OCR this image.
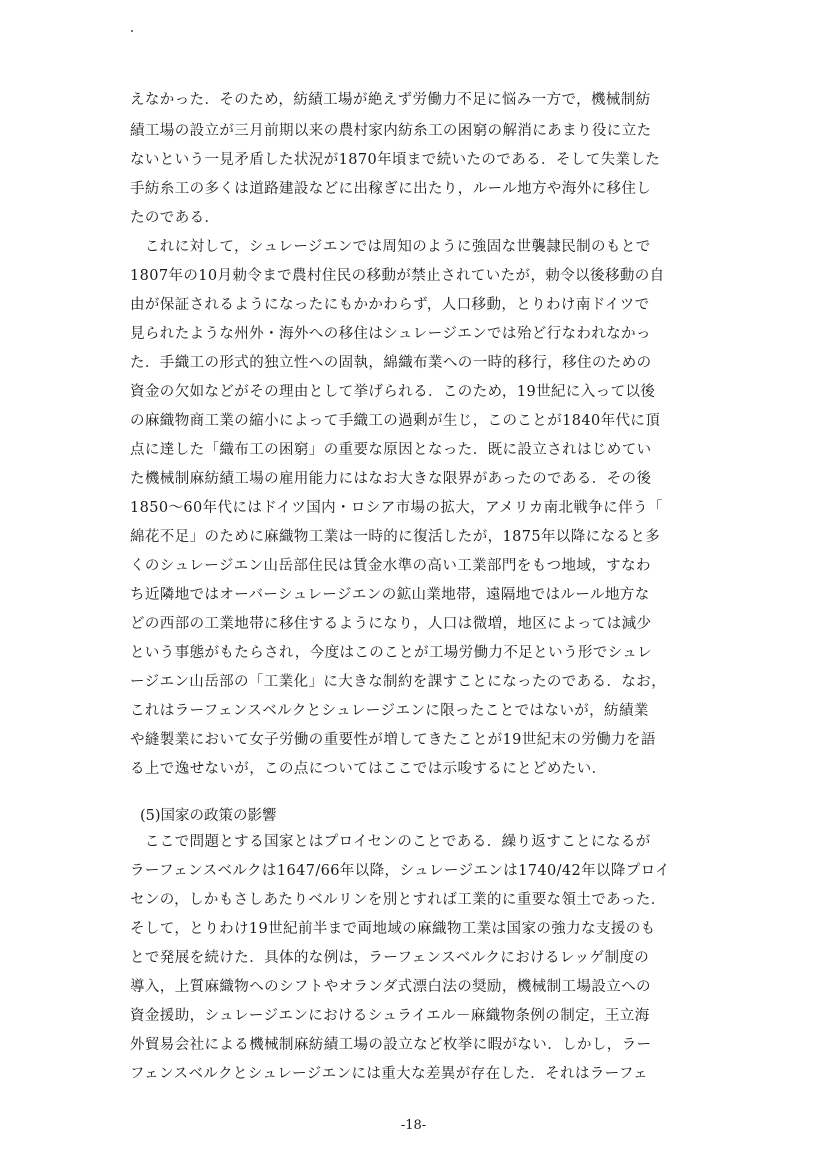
えなかった．そのため，紡績工場が絶えず労働力不足に悩み一方で，機械制紡
績工場の設立が三月前期以来の農村家内紡糸工の困窮の解消にあまり役に立た
ないという一見矛盾した状況が1870年頃まで続いたのである．そして失業した
手紡糸工の多くは道路建設などに出稼ぎに出たり，ルール地方や海外に移住し
たのである．
　これに対して，シュレージエンでは周知のように強固な世襲隷民制のもとで
1807年の10月勅令まで農村住民の移動が禁止されていたが，勅令以後移動の自
由が保証されるようになったにもかかわらず，人口移動，とりわけ南ドイツで
見られたような州外・海外への移住はシュレージエンでは殆ど行なわれなかっ
た．手織工の形式的独立性への固執，綿織布業への一時的移行，移住のための
資金の欠如などがその理由として挙げられる．このため，19世紀に入って以後
の麻織物商工業の縮小によって手織工の過剰が生じ，このことが1840年代に頂
点に達した「織布工の困窮」の重要な原因となった．既に設立されはじめてい
た機械制麻紡績工場の雇用能力にはなお大きな限界があったのである．その後
1850～60年代にはドイツ国内・ロシア市場の拡大，アメリカ南北戦争に伴う「
綿花不足」のために麻織物工業は一時的に復活したが，1875年以降になると多
くのシュレージエン山岳部住民は賃金水準の高い工業部門をもつ地域，すなわ
ち近隣地ではオーバーシュレージエンの鉱山業地帯，遠隔地ではルール地方な
どの西部の工業地帯に移住するようになり，人口は微増，地区によっては減少
という事態がもたらされ，今度はこのことが工場労働力不足という形でシュレ
ージエン山岳部の「工業化」に大きな制約を課すことになったのである．なお，
これはラーフェンスベルクとシュレージエンに限ったことではないが，紡績業
や縫製業において女子労働の重要性が増してきたことが19世紀末の労働力を語
る上で逸せないが，この点についてはここでは示唆するにとどめたい．
(5)国家の政策の影響
　ここで問題とする国家とはプロイセンのことである．繰り返すことになるが
ラーフェンスベルクは1647/66年以降，シュレージエンは1740/42年以降プロイ
センの，しかもさしあたりベルリンを別とすれば工業的に重要な領土であった．
そして，とりわけ19世紀前半まで両地域の麻織物工業は国家の強力な支援のも
とで発展を続けた．具体的な例は，ラーフェンスベルクにおけるレッゲ制度の
導入，上質麻織物へのシフトやオランダ式漂白法の奨励，機械制工場設立への
資金援助，シュレージエンにおけるシュライエル－麻織物条例の制定，王立海
外貿易会社による機械制麻紡績工場の設立など枚挙に暇がない．しかし，ラー
フェンスベルクとシュレージエンには重大な差異が存在した．それはラーフェ
-18-
